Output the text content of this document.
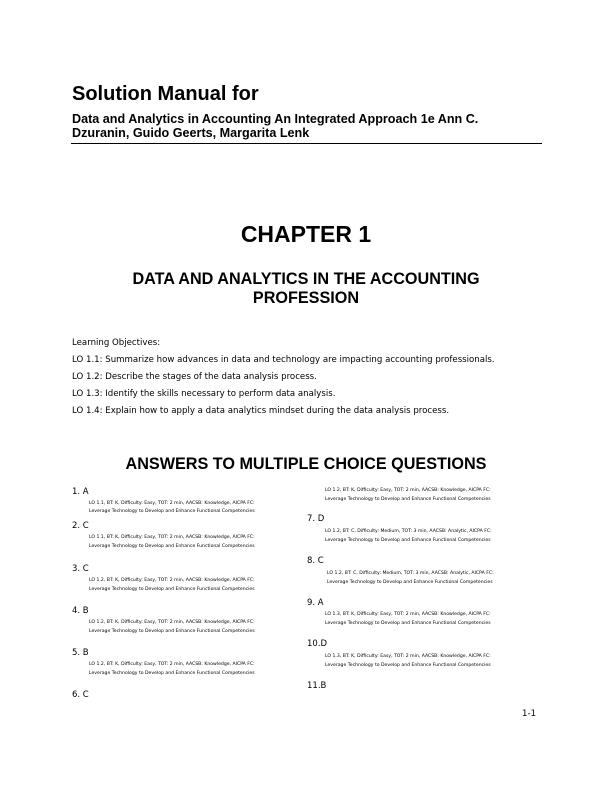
Solution Manual for
Data and Analytics in Accounting An Integrated Approach 1e Ann C.
Dzuranin, Guido Geerts, Margarita Lenk
CHAPTER 1
DATA AND ANALYTICS IN THE ACCOUNTING
PROFESSION
Learning Objectives:
LO 1.1: Summarize how advances in data and technology are impacting accounting professionals.
LO 1.2: Describe the stages of the data analysis process.
LO 1.3: Identify the skills necessary to perform data analysis.
LO 1.4: Explain how to apply a data analytics mindset during the data analysis process.
ANSWERS TO MULTIPLE CHOICE QUESTIONS
1. A
LO 1.1, BT: K, Difficulty: Easy, TOT: 2 min, AACSB: Knowledge, AICPA FC:
Leverage Technology to Develop and Enhance Functional Competencies
2. C
LO 1.1, BT: K, Difficulty: Easy, TOT: 2 min, AACSB: Knowledge, AICPA FC:
Leverage Technology to Develop and Enhance Functional Competencies
3. C
LO 1.2, BT: K, Difficulty: Easy, TOT: 2 min, AACSB: Knowledge, AICPA FC:
Leverage Technology to Develop and Enhance Functional Competencies
4. B
LO 1.2, BT: K, Difficulty: Easy, TOT: 2 min, AACSB: Knowledge, AICPA FC:
Leverage Technology to Develop and Enhance Functional Competencies
5. B
LO 1.2, BT: K, Difficulty: Easy, TOT: 2 min, AACSB: Knowledge, AICPA FC:
Leverage Technology to Develop and Enhance Functional Competencies
6. C
LO 1.2, BT: K, Difficulty: Easy, TOT: 2 min, AACSB: Knowledge, AICPA FC:
Leverage Technology to Develop and Enhance Functional Competencies
7. D
LO 1.2, BT: C, Difficulty: Medium, TOT: 3 min, AACSB: Analytic, AICPA FC:
Leverage Technology to Develop and Enhance Functional Competencies
8. C
LO 1.2, BT: C, Difficulty: Medium, TOT: 3 min, AACSB: Analytic, AICPA FC:
Leverage Technology to Develop and Enhance Functional Competencies
9. A
LO 1.3, BT: K, Difficulty: Easy, TOT: 2 min, AACSB: Knowledge, AICPA FC:
Leverage Technology to Develop and Enhance Functional Competencies
10.D
LO 1.3, BT: K, Difficulty: Easy, TOT: 2 min, AACSB: Knowledge, AICPA FC:
Leverage Technology to Develop and Enhance Functional Competencies
11.B
1-1
